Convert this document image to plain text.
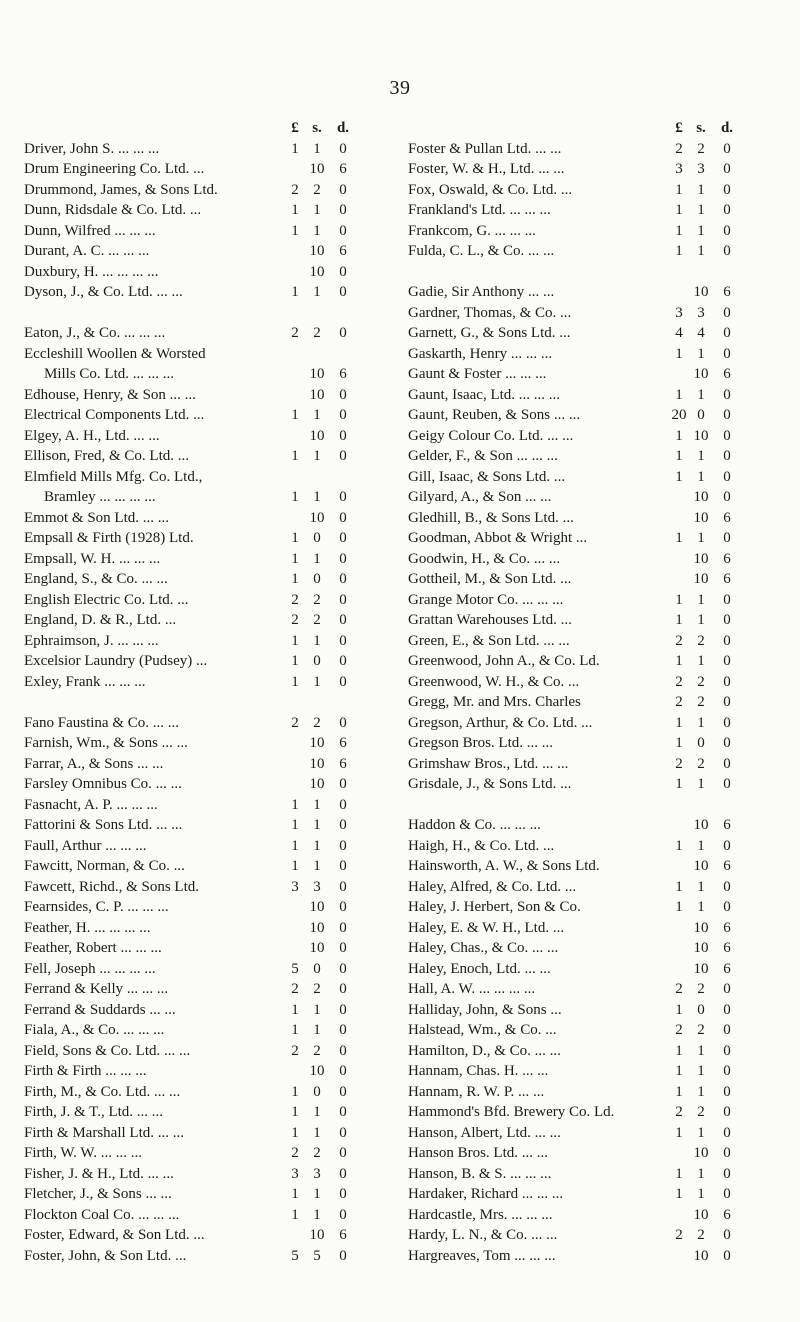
39
£ s.	d.
Driver, John S. ... ... ...	1 1	0
Drum Engineering Co. Ltd. ...	10 6
Drummond, James, & Sons Ltd.	2 2	0
Dunn, Ridsdale & Co. Ltd. ...	1 1	0
Dunn, Wilfred ... ... ...	1 1	0
Durant, A. C. ... ... ...	10 6
Duxbury, H. ... ... ... ...	10 0
Dyson, J., & Co. Ltd. ... ...	1 1	0
Eaton, J., & Co. ... ... ...	2 2	0
Eccleshill Woollen & Worsted
Mills Co. Ltd. ... ... ...	10 6
Edhouse, Henry, & Son ... ...	10 0
Electrical Components Ltd. ...	1 1	0
Elgey, A. H., Ltd. ... ...	10 0
Ellison, Fred, & Co. Ltd. ...	1 1	0
Elmfield Mills Mfg. Co. Ltd.,
Bramley ... ... ... ...	1 1	0
Emmot & Son Ltd. ... ...	10 0
Empsall & Firth (1928) Ltd.	1 0	0
Empsall, W. H. ... ... ...	1 1	0
England, S., & Co. ... ...	1 0	0
English Electric Co. Ltd. ...	2 2	0
England, D. & R., Ltd. ...	2 2	0
Ephraimson, J. ... ... ...	1 1	0
Excelsior Laundry (Pudsey) ...	1 0	0
Exley, Frank ... ... ...	1 1	0
Fano Faustina & Co. ... ...	2 2	0
Farnish, Wm., & Sons ... ...	10 6
Farrar, A., & Sons ... ...	10 6
Farsley Omnibus Co. ... ...	10 0
Fasnacht, A. P. ... ... ...	1 1	0
Fattorini & Sons Ltd. ... ...	1 1	0
Faull, Arthur ... ... ...	1 1	0
Fawcitt, Norman, & Co. ...	1 1	0
Fawcett, Richd., & Sons Ltd.	3 3	0
Fearnsides, C. P. ... ... ...	10 0
Feather, H. ... ... ... ...	10 0
Feather, Robert ... ... ...	10 0
Fell, Joseph ... ... ... ...	5 0	0
Ferrand & Kelly ... ... ...	2 2	0
Ferrand & Suddards ... ...	1 1	0
Fiala, A., & Co. ... ... ...	1 1	0
Field, Sons & Co. Ltd. ... ...	2 2	0
Firth & Firth ... ... ...	10 0
Firth, M., & Co. Ltd. ... ...	1 0	0
Firth, J. & T., Ltd. ... ...	1 1	0
Firth & Marshall Ltd. ... ...	1 1	0
Firth, W. W. ... ... ...	2 2	0
Fisher, J. & H., Ltd. ... ...	3 3	0
Fletcher, J., & Sons ... ...	1 1	0
Flockton Coal Co. ... ... ...	1 1	0
Foster, Edward, & Son Ltd. ...	10 6
Foster, John, & Son Ltd. ...	5 5	0
£ s.	d.
Foster & Pullan Ltd. ... ...	2 2	0
Foster, W. & H., Ltd. ... ...	3 3	0
Fox, Oswald, & Co. Ltd. ...	1 1	0
Frankland's Ltd. ... ... ...	1 1	0
Frankcom, G. ... ... ...	1 1	0
Fulda, C. L., & Co. ... ...	1 1	0
Gadie, Sir Anthony ... ...	10 6
Gardner, Thomas, & Co. ...	3 3	0
Garnett, G., & Sons Ltd. ...	4 4	0
Gaskarth, Henry ... ... ...	1 1	0
Gaunt & Foster ... ... ...	10 6
Gaunt, Isaac, Ltd. ... ... ...	1 1	0
Gaunt, Reuben, & Sons ... ...	20 0	0
Geigy Colour Co. Ltd. ... ...	1 10 0
Gelder, F., & Son ... ... ...	1 1	0
Gill, Isaac, & Sons Ltd. ...	1 1	0
Gilyard, A., & Son ... ...	10 0
Gledhill, B., & Sons Ltd. ...	10 6
Goodman, Abbot & Wright ...	1 1	0
Goodwin, H., & Co. ... ...	10 6
Gottheil, M., & Son Ltd. ...	10 6
Grange Motor Co. ... ... ...	1 1	0
Grattan Warehouses Ltd. ...	1 1	0
Green, E., & Son Ltd. ... ...	2 2	0
Greenwood, John A., & Co. Ld.	1 1	0
Greenwood, W. H., & Co. ...	2 2	0
Gregg, Mr. and Mrs. Charles	2 2	0
Gregson, Arthur, & Co. Ltd. ...	1 1	0
Gregson Bros. Ltd. ... ...	1 0	0
Grimshaw Bros., Ltd. ... ...	2 2	0
Grisdale, J., & Sons Ltd. ...	1 1	0
Haddon & Co. ... ... ...	10 6
Haigh, H., & Co. Ltd. ...	1 1	0
Hainsworth, A. W., & Sons Ltd.	10 6
Haley, Alfred, & Co. Ltd. ...	1 1	0
Haley, J. Herbert, Son & Co.	1 1	0
Haley, E. & W. H., Ltd. ...	10 6
Haley, Chas., & Co. ... ...	10 6
Haley, Enoch, Ltd. ... ...	10 6
Hall, A. W. ... ... ... ...	2 2	0
Halliday, John, & Sons ...	1 0	0
Halstead, Wm., & Co. ...	2 2	0
Hamilton, D., & Co. ... ...	1 1	0
Hannam, Chas. H. ... ...	1 1	0
Hannam, R. W. P. ... ...	1 1	0
Hammond's Bfd. Brewery Co. Ld.	2 2	0
Hanson, Albert, Ltd. ... ...	1 1	0
Hanson Bros. Ltd. ... ...	10 0
Hanson, B. & S. ... ... ...	1 1	0
Hardaker, Richard ... ... ...	1 1	0
Hardcastle, Mrs. ... ... ...	10 6
Hardy, L. N., & Co. ... ...	2 2	0
Hargreaves, Tom ... ... ...	10 0
